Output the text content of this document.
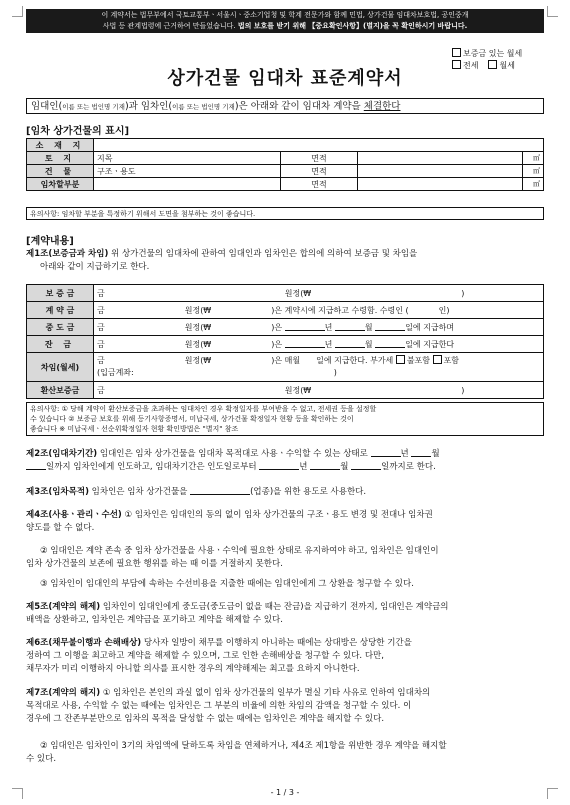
이 계약서는 법무부에서 국토교통부ㆍ서울시ㆍ중소기업청 및 학계 전문가와 함께 민법, 상가건물 임대차보호법, 공인중개
사법 등 관계법령에 근거하여 만들었습니다. 법의 보호를 받기 위해 【중요확인사항】(별지)을 꼭 확인하시기 바랍니다.
보증금 있는 월세
전세	월세
상가건물 임대차 표준계약서
임대인(이름 또는 법인명 기재)과 임차인(이름 또는 법인명 기재)은 아래와 같이 임대차 계약을 체결한다
[임차 상가건물의 표시]
소 재 지				
토 지	지목	면적		㎡
건 물	구조ㆍ용도	면적		㎡
임차할부분		면적		㎡
유의사항: 임차할 부분을 특정하기 위해서 도면을 첨부하는 것이 좋습니다.
[계약내용]
제1조(보증금과 차임) 위 상가건물의 임대차에 관하여 임대인과 임차인은 합의에 의하여 보증금 및 차임을
아래와 같이 지급하기로 한다.
보 증 금	금 원정(₩ )
계 약 금	금 원정(₩ )은 계약시에 지급하고 수령함. 수령인 ( 인)
중 도 금	금 원정(₩ )은 년 월 일에 지급하며
잔 금	금 원정(₩ )은 년 월 일에 지급한다
차임(월세)	금 원정(₩ )은 매월 일에 지급한다. 부가세 불포함 포함
(입금계좌: )
환산보증금	금 원정(₩ )
유의사항: ① 당해 계약이 환산보증금을 초과하는 임대차인 경우 확정일자를 부여받을 수 없고, 전세권 등을 설정할
수 있습니다 ② 보증금 보호를 위해 등기사항증명서, 미납국세, 상가건물 확정일자 현황 등을 확인하는 것이
좋습니다 ※ 미납국세ㆍ선순위확정일자 현황 확인방법은 "별지" 참조
제2조(임대차기간) 임대인은 임차 상가건물을 임대차 목적대로 사용ㆍ수익할 수 있는 상태로	년	월
일까지 임차인에게 인도하고, 임대차기간은 인도일로부터	년	월	일까지로 한다.
제3조(임차목적) 임차인은 임차 상가건물을	(업종)을 위한 용도로 사용한다.
제4조(사용ㆍ관리ㆍ수선) ① 임차인은 임대인의 동의 없이 임차 상가건물의 구조ㆍ용도 변경 및 전대나 임차권
양도를 할 수 없다.
② 임대인은 계약 존속 중 임차 상가건물을 사용ㆍ수익에 필요한 상태로 유지하여야 하고, 임차인은 임대인이
임차 상가건물의 보존에 필요한 행위를 하는 때 이를 거절하지 못한다.
③ 임차인이 임대인의 부담에 속하는 수선비용을 지출한 때에는 임대인에게 그 상환을 청구할 수 있다.
제5조(계약의 해제) 임차인이 임대인에게 중도금(중도금이 없을 때는 잔금)을 지급하기 전까지, 임대인은 계약금의
배액을 상환하고, 임차인은 계약금을 포기하고 계약을 해제할 수 있다.
제6조(채무불이행과 손해배상) 당사자 일방이 채무를 이행하지 아니하는 때에는 상대방은 상당한 기간을
정하여 그 이행을 최고하고 계약을 해제할 수 있으며, 그로 인한 손해배상을 청구할 수 있다. 다만,
채무자가 미리 이행하지 아니할 의사를 표시한 경우의 계약해제는 최고를 요하지 아니한다.
제7조(계약의 해지) ① 임차인은 본인의 과실 없이 임차 상가건물의 일부가 멸실 기타 사유로 인하여 임대차의
목적대로 사용, 수익할 수 없는 때에는 임차인은 그 부분의 비율에 의한 차임의 감액을 청구할 수 있다. 이
경우에 그 잔존부분만으로 임차의 목적을 달성할 수 없는 때에는 임차인은 계약을 해지할 수 있다.
② 임대인은 임차인이 3기의 차임액에 달하도록 차임을 연체하거나, 제4조 제1항을 위반한 경우 계약을 해지할
수 있다.
- 1 / 3 -
